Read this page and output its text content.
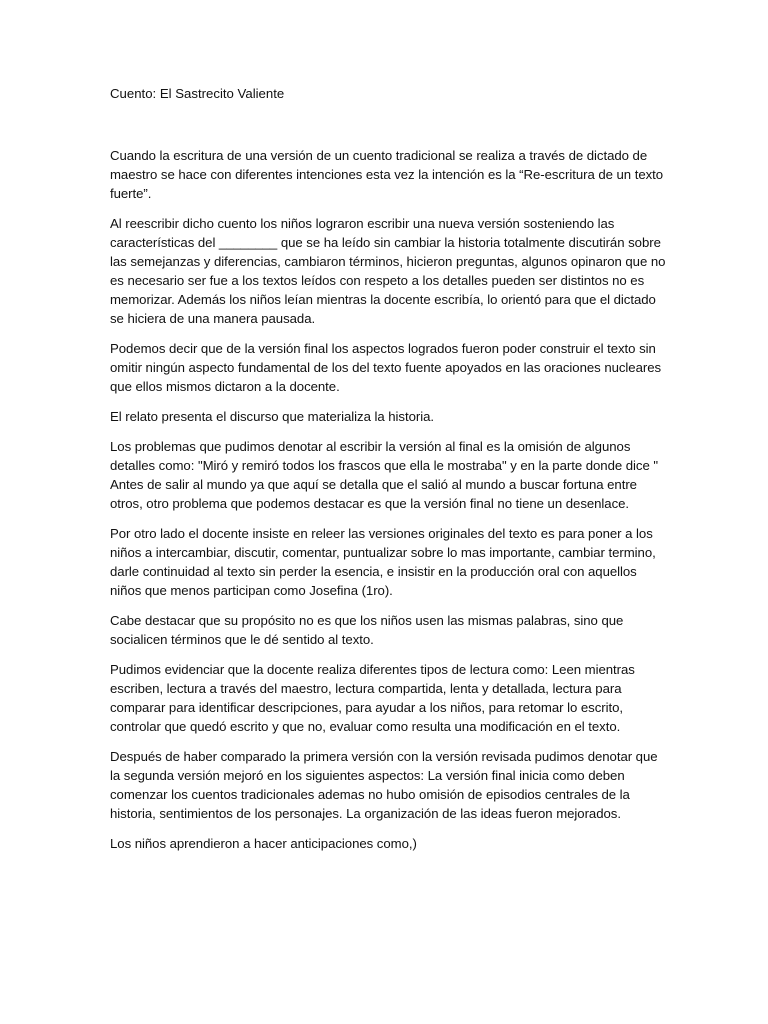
Cuento: El Sastrecito Valiente

Cuando la escritura de una versión de un cuento tradicional se realiza a través de dictado de maestro se hace con diferentes intenciones esta vez la intención es la “Re-escritura de un texto fuerte”.

Al reescribir dicho cuento los niños lograron escribir una nueva versión sosteniendo las características del ________ que se ha leído sin cambiar la historia totalmente discutirán sobre las semejanzas y diferencias, cambiaron términos, hicieron preguntas, algunos opinaron que no es necesario ser fue a los textos leídos con respeto a los detalles pueden ser distintos no es memorizar. Además los niños leían mientras la docente escribía, lo orientó para que el dictado se hiciera de una manera pausada.

Podemos decir que de la versión final los aspectos logrados fueron poder construir el texto sin omitir ningún aspecto fundamental de los del texto fuente apoyados en las oraciones nucleares que ellos mismos dictaron a la docente.

El relato presenta el discurso que materializa la historia.

Los problemas que pudimos denotar al escribir la versión al final es la omisión de algunos detalles como: "Miró y remiró todos los frascos que ella le mostraba" y en la parte donde dice " Antes de salir al mundo ya que aquí se detalla que el salió al mundo a buscar fortuna entre otros, otro problema que podemos destacar es que la versión final no tiene un desenlace.

Por otro lado el docente insiste en releer las versiones originales del texto es para poner a los niños a intercambiar, discutir, comentar, puntualizar sobre lo mas importante, cambiar termino, darle continuidad al texto sin perder la esencia, e insistir en la producción oral con aquellos niños que menos participan como Josefina (1ro).

Cabe destacar que su propósito no es que los niños usen las mismas palabras, sino que socialicen términos que le dé sentido al texto.

Pudimos evidenciar que la docente realiza diferentes tipos de lectura como: Leen mientras escriben, lectura a través del maestro, lectura compartida, lenta y detallada, lectura para comparar para identificar descripciones, para ayudar a los niños, para retomar lo escrito, controlar que quedó escrito y que no, evaluar como resulta una modificación en el texto.

Después de haber comparado la primera versión con la versión revisada pudimos denotar que la segunda versión mejoró en los siguientes aspectos: La versión final inicia como deben comenzar los cuentos tradicionales ademas no hubo omisión de episodios centrales de la historia, sentimientos de los personajes. La organización de las ideas fueron mejorados.

Los niños aprendieron a hacer anticipaciones como,)
